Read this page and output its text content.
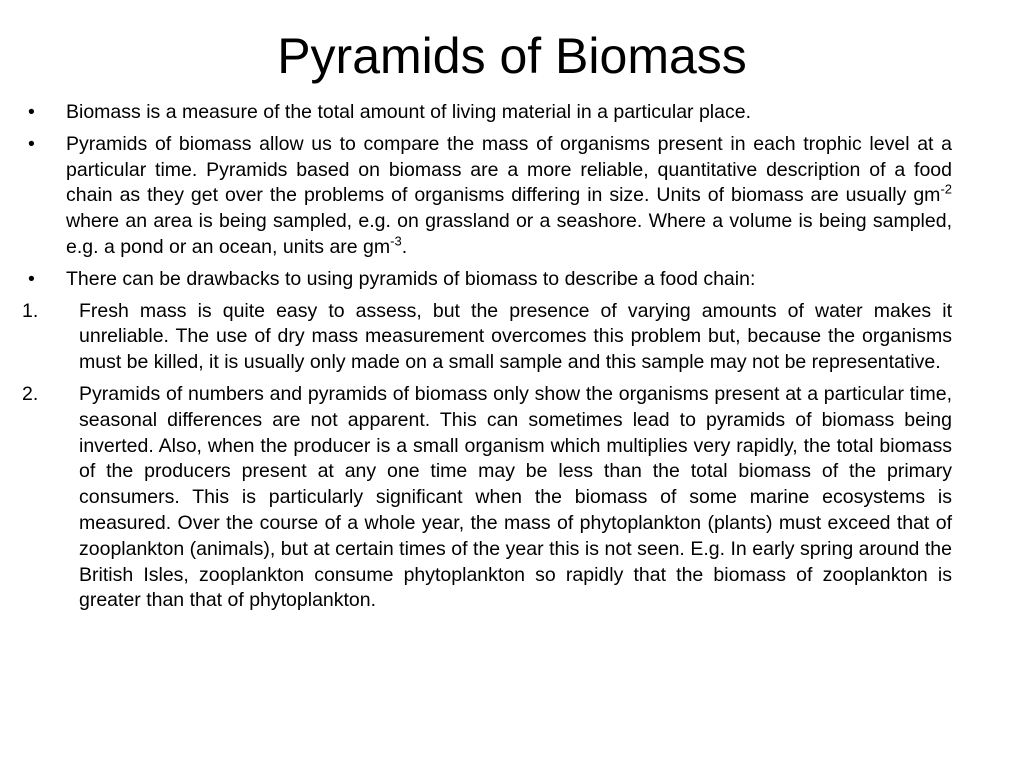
Pyramids of Biomass
• Biomass is a measure of the total amount of living material in a particular place.
• Pyramids of biomass allow us to compare the mass of organisms present in each trophic level at a particular time. Pyramids based on biomass are a more reliable, quantitative description of a food chain as they get over the problems of organisms differing in size. Units of biomass are usually $gm^{-2}$ where an area is being sampled, e.g. on grassland or a seashore. Where a volume is being sampled, e.g. a pond or an ocean, units are $gm^{-3}$.
• There can be drawbacks to using pyramids of biomass to describe a food chain:
1. Fresh mass is quite easy to assess, but the presence of varying amounts of water makes it unreliable. The use of dry mass measurement overcomes this problem but, because the organisms must be killed, it is usually only made on a small sample and this sample may not be representative.
2. Pyramids of numbers and pyramids of biomass only show the organisms present at a particular time, seasonal differences are not apparent. This can sometimes lead to pyramids of biomass being inverted. Also, when the producer is a small organism which multiplies very rapidly, the total biomass of the producers present at any one time may be less than the total biomass of the primary consumers. This is particularly significant when the biomass of some marine ecosystems is measured. Over the course of a whole year, the mass of phytoplankton (plants) must exceed that of zooplankton (animals), but at certain times of the year this is not seen. E.g. In early spring around the British Isles, zooplankton consume phytoplankton so rapidly that the biomass of zooplankton is greater than that of phytoplankton.
